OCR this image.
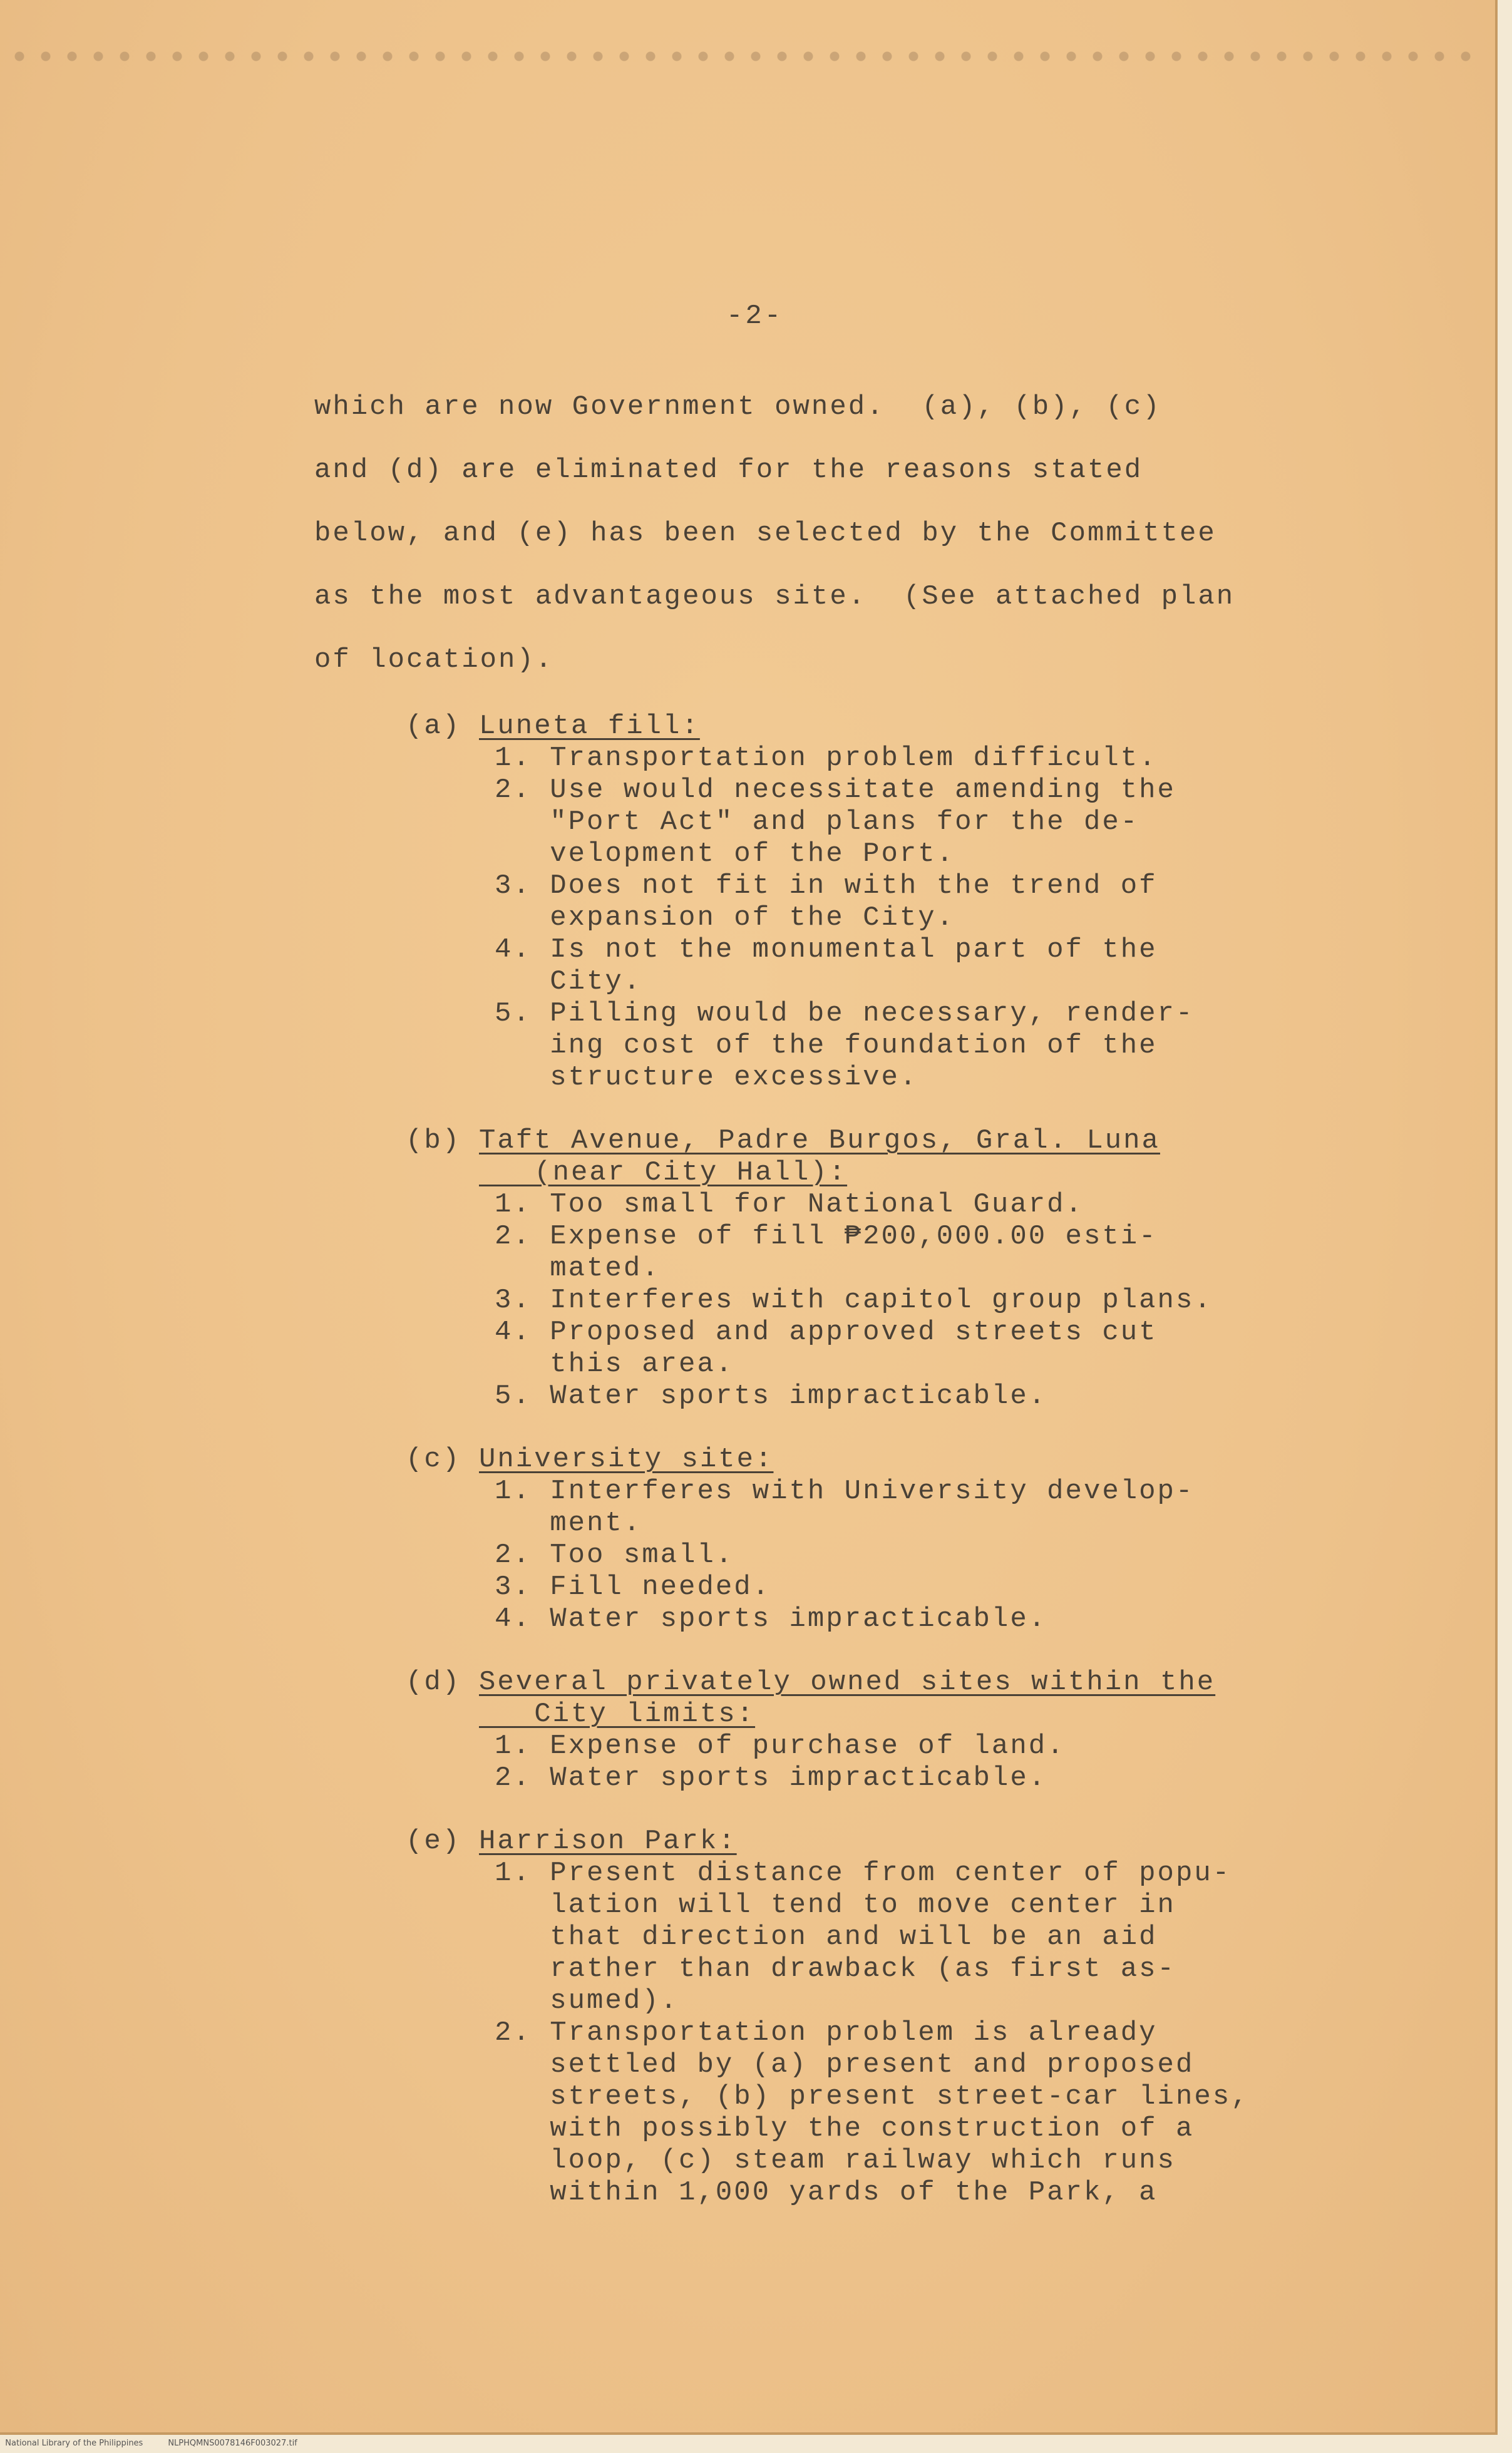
-2-
which are now Government owned.  (a), (b), (c)
and (d) are eliminated for the reasons stated
below, and (e) has been selected by the Committee
as the most advantageous site.  (See attached plan
of location).
(a) Luneta fill:
1. Transportation problem difficult.
2. Use would necessitate amending the
"Port Act" and plans for the de-
velopment of the Port.
3. Does not fit in with the trend of
expansion of the City.
4. Is not the monumental part of the
City.
5. Pilling would be necessary, render-
ing cost of the foundation of the
structure excessive.
(b) Taft Avenue, Padre Burgos, Gral. Luna
(near City Hall):
1. Too small for National Guard.
2. Expense of fill ₱200,000.00 esti-
mated.
3. Interferes with capitol group plans.
4. Proposed and approved streets cut
this area.
5. Water sports impracticable.
(c) University site:
1. Interferes with University develop-
ment.
2. Too small.
3. Fill needed.
4. Water sports impracticable.
(d) Several privately owned sites within the
City limits:
1. Expense of purchase of land.
2. Water sports impracticable.
(e) Harrison Park:
1. Present distance from center of popu-
lation will tend to move center in
that direction and will be an aid
rather than drawback (as first as-
sumed).
2. Transportation problem is already
settled by (a) present and proposed
streets, (b) present street-car lines,
with possibly the construction of a
loop, (c) steam railway which runs
within 1,000 yards of the Park, a

National Library of the Philippines	NLPHQMNS0078146F003027.tif
